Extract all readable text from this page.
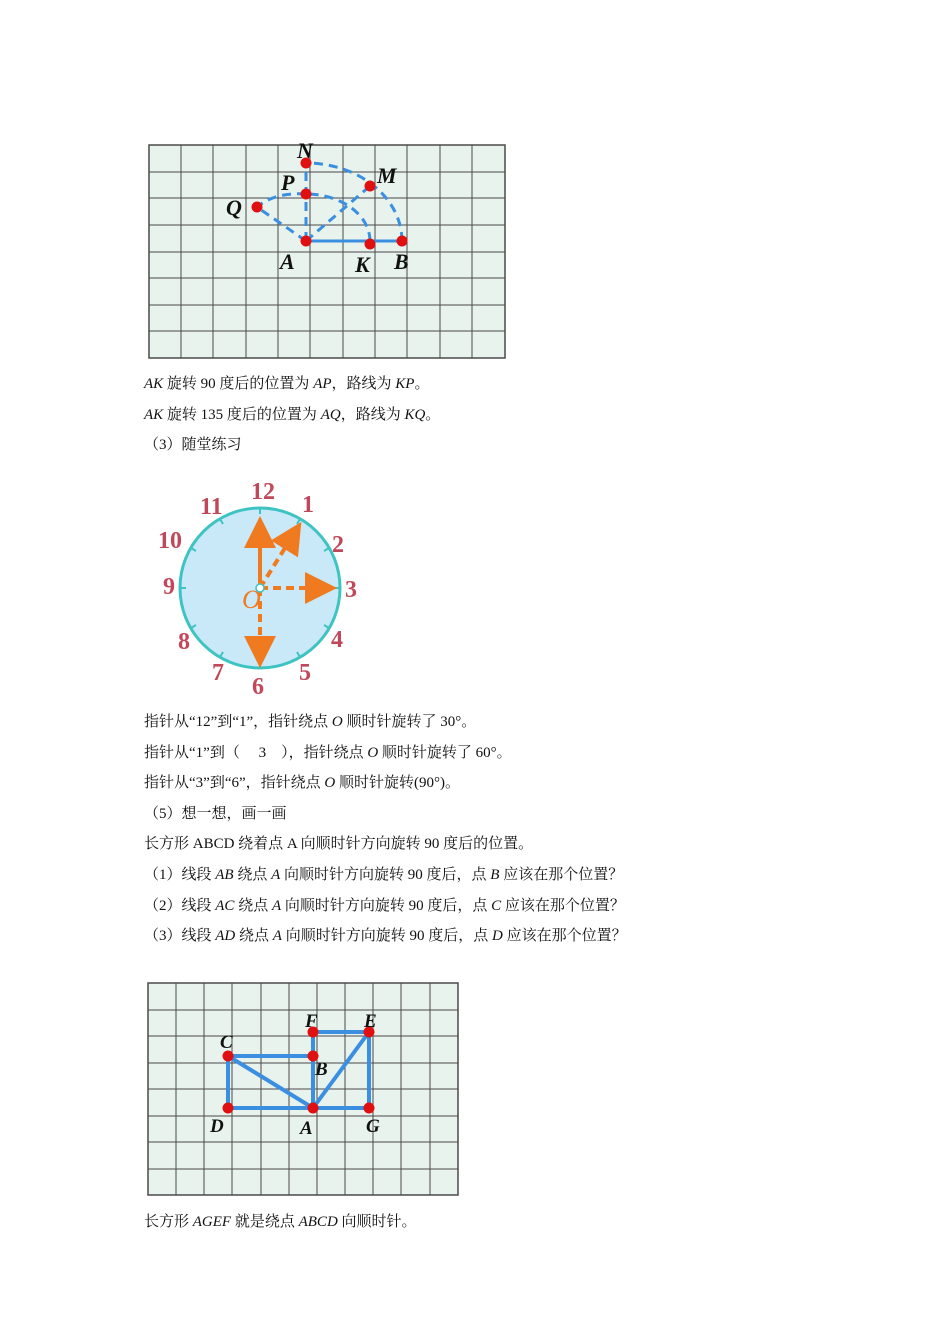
N
P	M
Q
A	K B
AK 旋转 90 度后的位置为 AP，路线为 KP。
AK 旋转 135 度后的位置为 AQ，路线为 KQ。
（3）随堂练习
O
12 1
2
3
4
5
6
7
8
9
10
11
指针从“12”到“1”，指针绕点 O 顺时针旋转了 30°。
指针从“1”到（　 3　），指针绕点 O 顺时针旋转了 60°。
指针从“3”到“6”，指针绕点 O 顺时针旋转(90°)。
（5）想一想，画一画
长方形 ABCD 绕着点 A 向顺时针方向旋转 90 度后的位置。
（1）线段 AB 绕点 A 向顺时针方向旋转 90 度后，点 B 应该在那个位置？
（2）线段 AC 绕点 A 向顺时针方向旋转 90 度后，点 C 应该在那个位置？
（3）线段 AD 绕点 A 向顺时针方向旋转 90 度后，点 D 应该在那个位置？
C
F E
B
D	A	G
长方形 AGEF 就是绕点 ABCD 向顺时针。
